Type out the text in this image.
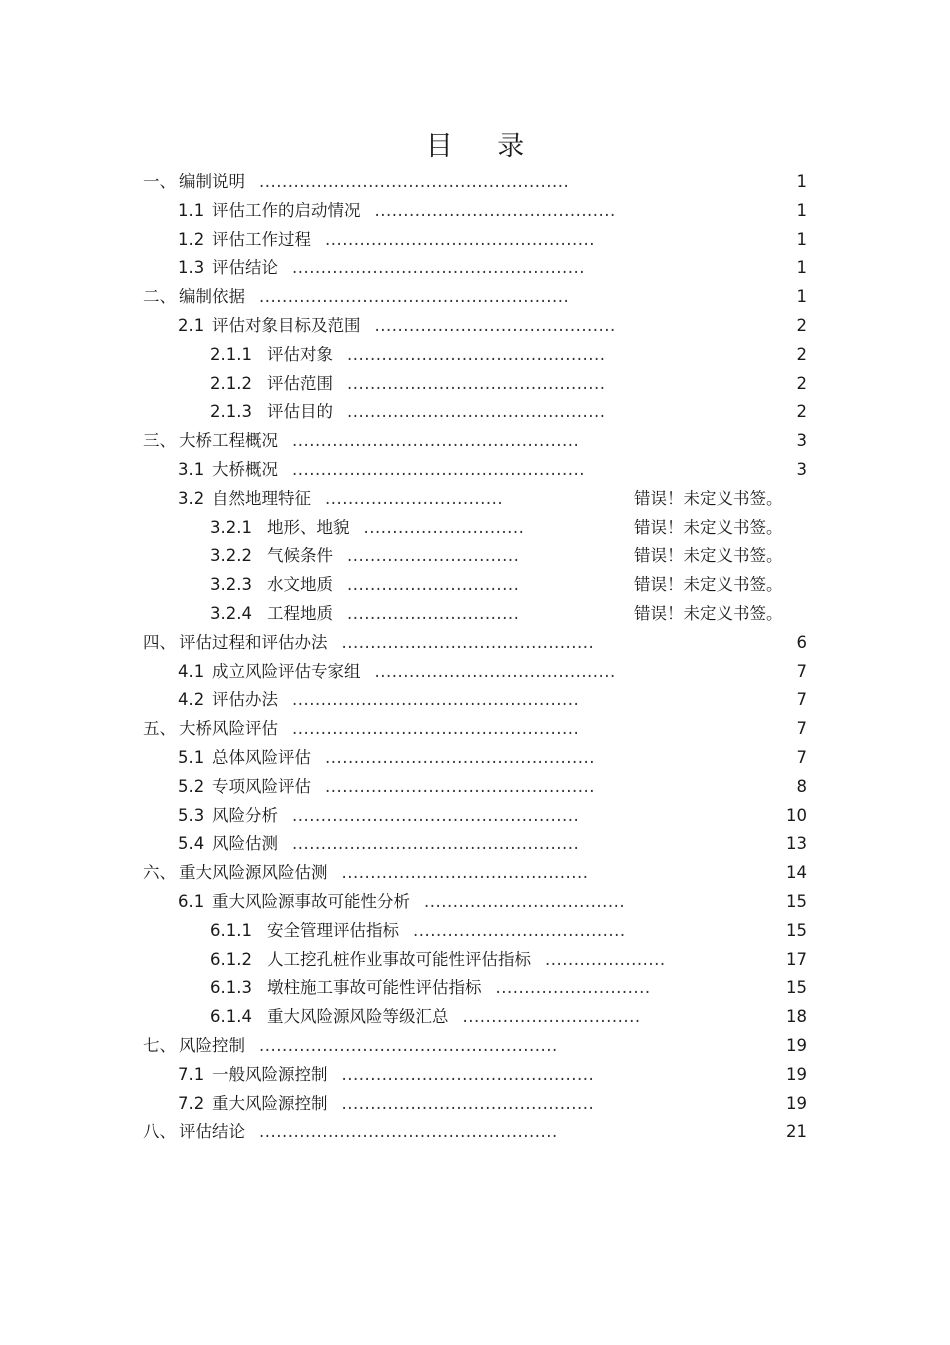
目 录
一、 编制说明 ......................................................	1
1.1 评估工作的启动情况 ..........................................	1
1.2 评估工作过程 ...............................................	1
1.3 评估结论 ...................................................	1
二、 编制依据 ......................................................	1
2.1 评估对象目标及范围 ..........................................	2
2.1.1 评估对象 .............................................	2
2.1.2 评估范围 .............................................	2
2.1.3 评估目的 .............................................	2
三、 大桥工程概况 ..................................................	3
3.1 大桥概况 ...................................................	3
3.2 自然地理特征 ...............................	错误！未定义书签。
3.2.1 地形、地貌 ............................	错误！未定义书签。
3.2.2 气候条件 ..............................	错误！未定义书签。
3.2.3 水文地质 ..............................	错误！未定义书签。
3.2.4 工程地质 ..............................	错误！未定义书签。
四、 评估过程和评估办法 ............................................	6
4.1 成立风险评估专家组 ..........................................	7
4.2 评估办法 ..................................................	7
五、 大桥风险评估 ..................................................	7
5.1 总体风险评估 ...............................................	7
5.2 专项风险评估 ...............................................	8
5.3 风险分析 ..................................................	10
5.4 风险估测 ..................................................	13
六、 重大风险源风险估测 ...........................................	14
6.1 重大风险源事故可能性分析 ...................................	15
6.1.1 安全管理评估指标 .....................................	15
6.1.2 人工挖孔桩作业事故可能性评估指标 .....................	17
6.1.3 墩柱施工事故可能性评估指标 ...........................	15
6.1.4 重大风险源风险等级汇总 ...............................	18
七、 风险控制 ....................................................	19
7.1 一般风险源控制 ............................................	19
7.2 重大风险源控制 ............................................	19
八、 评估结论 ....................................................	21
